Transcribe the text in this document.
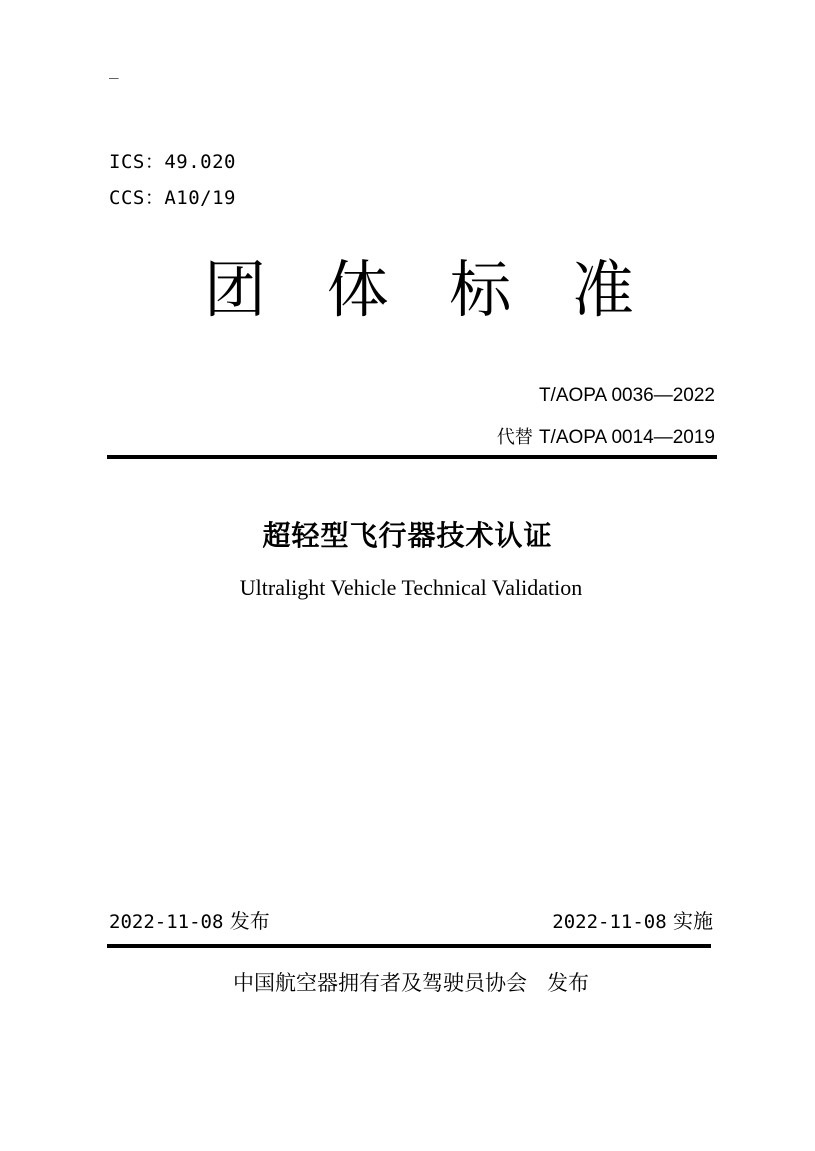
_
ICS：49.020
CCS：A10/19
团 体 标 准
T/AOPA 0036—2022
代替 T/AOPA 0014—2019
超轻型飞行器技术认证
Ultralight Vehicle Technical Validation
2022-11-08 发布	2022-11-08 实施
中国航空器拥有者及驾驶员协会 发布
